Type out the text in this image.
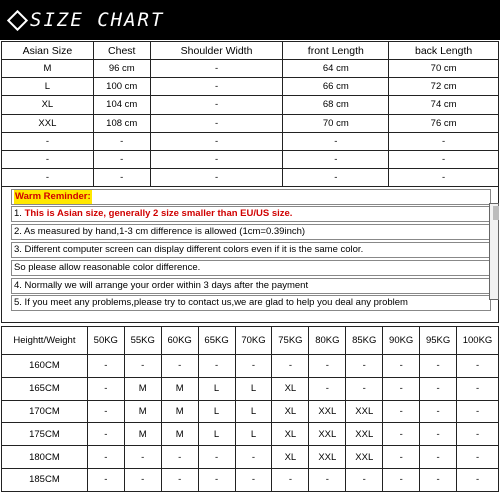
SIZE CHART
Asian Size	Chest	Shoulder Width	front Length	back Length
M	96 cm	-	64 cm	70 cm
L	100 cm	-	66 cm	72 cm
XL	104 cm	-	68 cm	74 cm
XXL	108 cm	-	70 cm	76 cm
-	-	-	-	-
-	-	-	-	-
-	-	-	-	-
Warm Reminder:
1. This is Asian size, generally 2 size smaller than EU/US size.
2. As measured by hand,1-3 cm difference is allowed (1cm=0.39inch)
3. Different computer screen can display different colors even if it is the same color.
So please allow reasonable color difference.
4. Normally we will arrange your order within 3 days after the payment
5. If you meet any problems,please try to contact us,we are glad to help you deal any problem
Heightt/Weight	50KG	55KG	60KG	65KG	70KG	75KG	80KG	85KG	90KG	95KG	100KG
160CM	-	-	-	-	-	-	-	-	-	-	-
165CM	-	M	M	L	L	XL	-	-	-	-	-
170CM	-	M	M	L	L	XL	XXL	XXL	-	-	-
175CM	-	M	M	L	L	XL	XXL	XXL	-	-	-
180CM	-	-	-	-	-	XL	XXL	XXL	-	-	-
185CM	-	-	-	-	-	-	-	-	-	-	-
